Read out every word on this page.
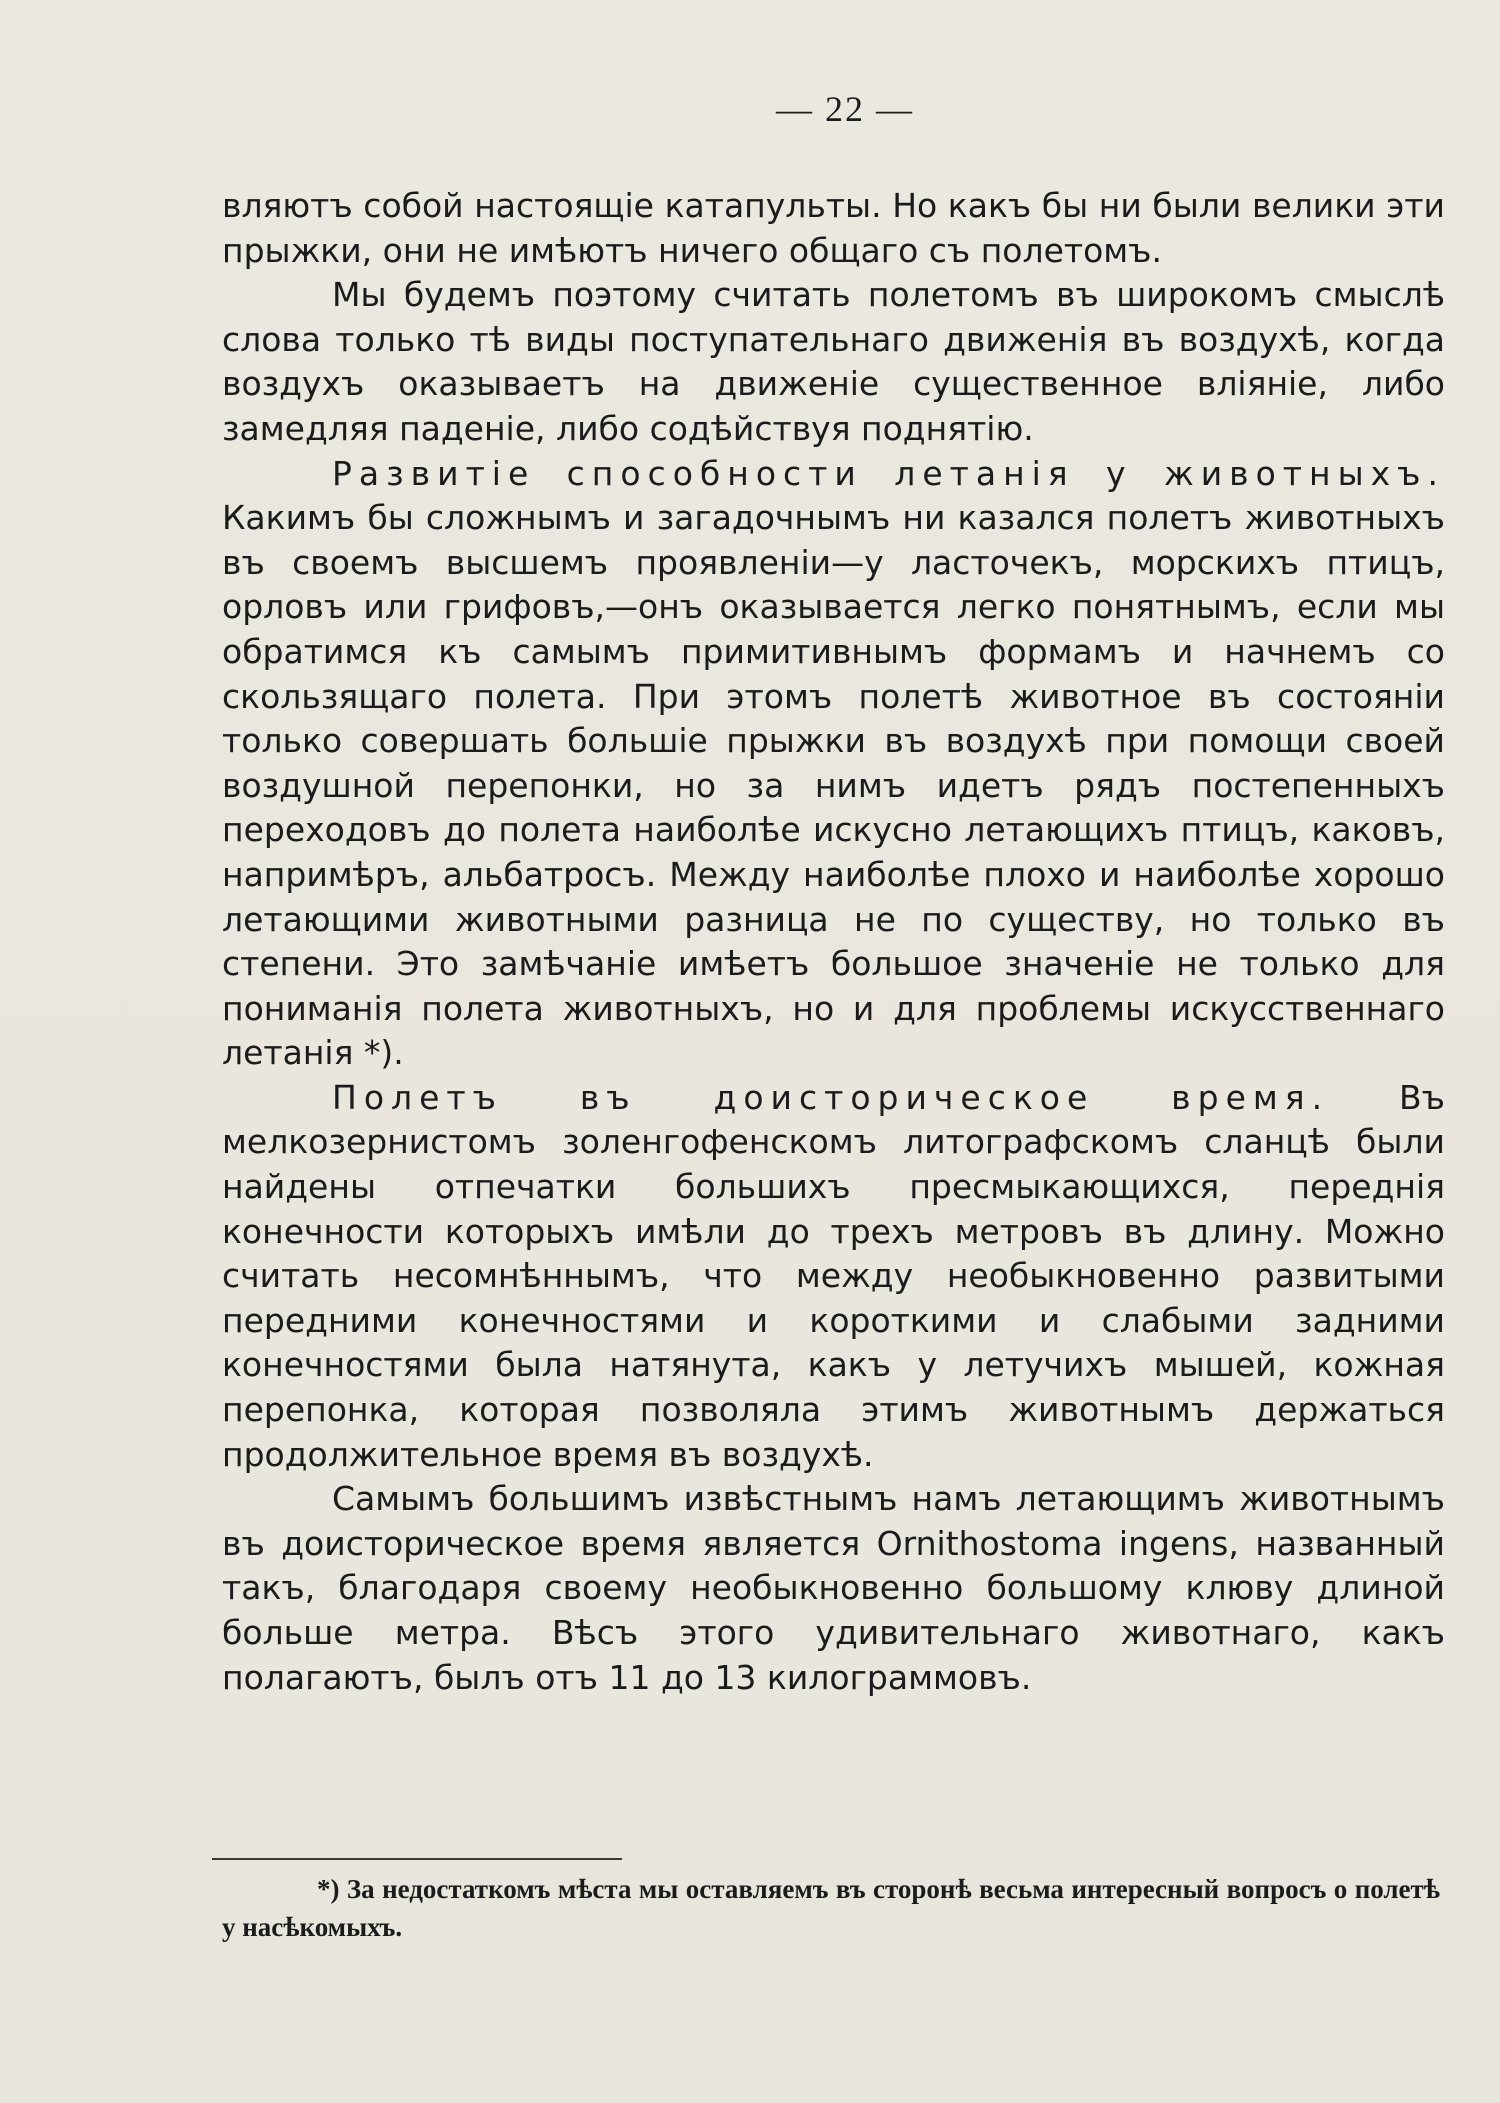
— 22 —

вляютъ собой настоящіе катапульты. Но какъ бы ни были велики эти прыжки, они не имѣютъ ничего общаго съ полетомъ.

Мы будемъ поэтому считать полетомъ въ широкомъ смыслѣ слова только тѣ виды поступательнаго движенія въ воздухѣ, когда воздухъ оказываетъ на движеніе существенное вліяніе, либо замедляя паденіе, либо содѣйствуя поднятію.

Развитіе способности летанія у животныхъ. Какимъ бы сложнымъ и загадочнымъ ни казался полетъ животныхъ въ своемъ высшемъ проявленіи—у ласточекъ, морскихъ птицъ, орловъ или грифовъ,—онъ оказывается легко понятнымъ, если мы обратимся къ самымъ примитивнымъ формамъ и начнемъ со скользящаго полета. При этомъ полетѣ животное въ состояніи только совершать большіе прыжки въ воздухѣ при помощи своей воздушной перепонки, но за нимъ идетъ рядъ постепенныхъ переходовъ до полета наиболѣе искусно летающихъ птицъ, каковъ, напримѣръ, альбатросъ. Между наиболѣе плохо и наиболѣе хорошо летающими животными разница не по существу, но только въ степени. Это замѣчаніе имѣетъ большое значеніе не только для пониманія полета животныхъ, но и для проблемы искусственнаго летанія *).

Полетъ въ доисторическое время. Въ мелкозернистомъ золенгофенскомъ литографскомъ сланцѣ были найдены отпечатки большихъ пресмыкающихся, переднія конечности которыхъ имѣли до трехъ метровъ въ длину. Можно считать несомнѣннымъ, что между необыкновенно развитыми передними конечностями и короткими и слабыми задними конечностями была натянута, какъ у летучихъ мышей, кожная перепонка, которая позволяла этимъ животнымъ держаться продолжительное время въ воздухѣ.

Самымъ большимъ извѣстнымъ намъ летающимъ животнымъ въ доисторическое время является Ornithostoma ingens, названный такъ, благодаря своему необыкновенно большому клюву длиной больше метра. Вѣсъ этого удивительнаго животнаго, какъ полагаютъ, былъ отъ 11 до 13 килограммовъ.

*) За недостаткомъ мѣста мы оставляемъ въ сторонѣ весьма интересный вопросъ о полетѣ у насѣкомыхъ.
